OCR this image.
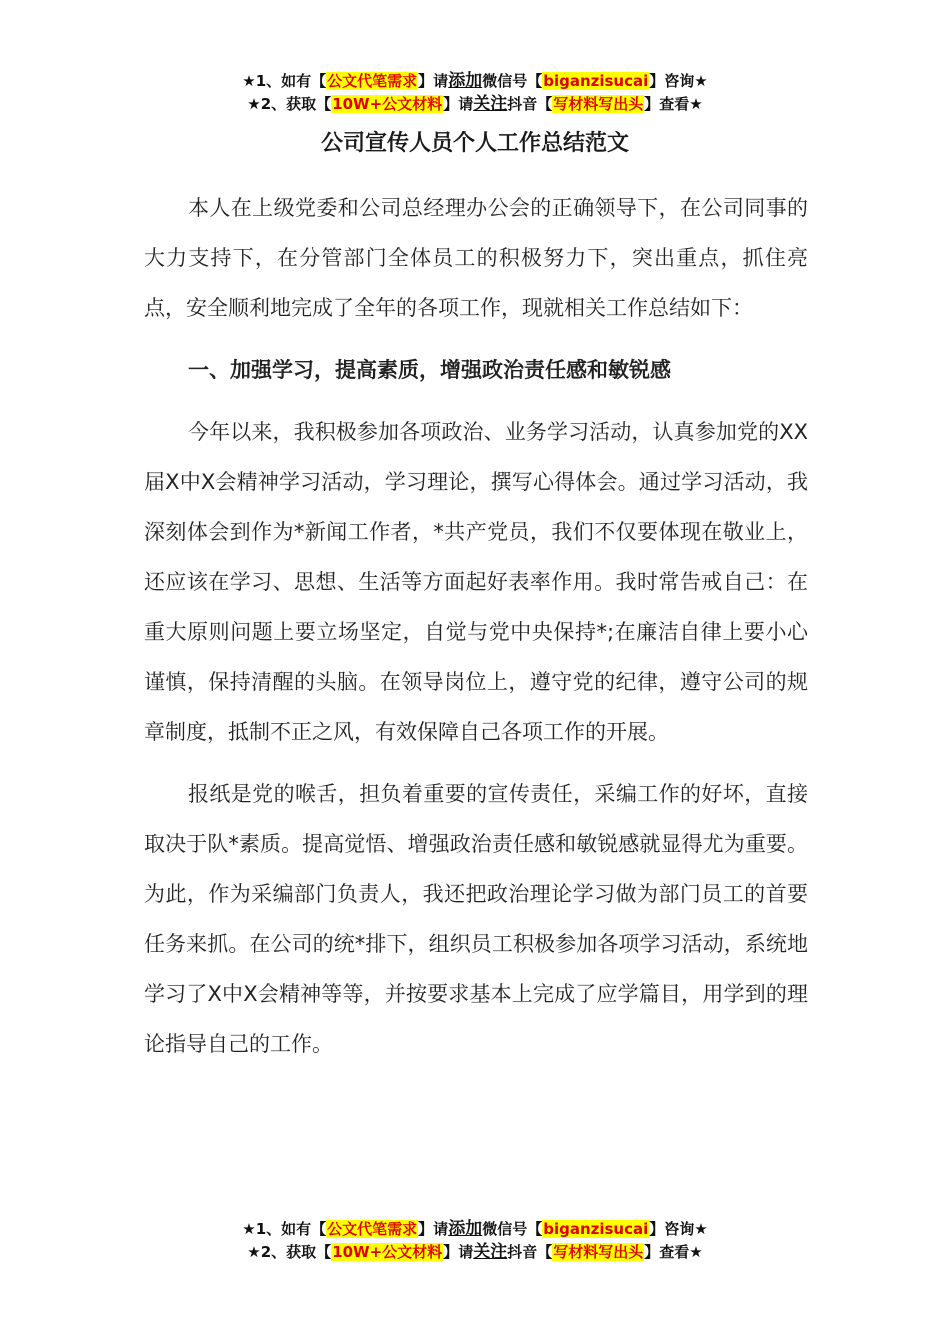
★1、如有【公文代笔需求】请添加微信号【biganzisucai】咨询★
★2、获取【10W+公文材料】请关注抖音【写材料写出头】查看★
公司宣传人员个人工作总结范文

本人在上级党委和公司总经理办公会的正确领导下，在公司同事的大力支持下，在分管部门全体员工的积极努力下，突出重点，抓住亮点，安全顺利地完成了全年的各项工作，现就相关工作总结如下：

一、加强学习，提高素质，增强政治责任感和敏锐感

今年以来，我积极参加各项政治、业务学习活动，认真参加党的XX届X中X会精神学习活动，学习理论，撰写心得体会。通过学习活动，我深刻体会到作为*新闻工作者，*共产党员，我们不仅要体现在敬业上，还应该在学习、思想、生活等方面起好表率作用。我时常告戒自己：在重大原则问题上要立场坚定，自觉与党中央保持*;在廉洁自律上要小心谨慎，保持清醒的头脑。在领导岗位上，遵守党的纪律，遵守公司的规章制度，抵制不正之风，有效保障自己各项工作的开展。

报纸是党的喉舌，担负着重要的宣传责任，采编工作的好坏，直接取决于队*素质。提高觉悟、增强政治责任感和敏锐感就显得尤为重要。为此，作为采编部门负责人，我还把政治理论学习做为部门员工的首要任务来抓。在公司的统*排下，组织员工积极参加各项学习活动，系统地学习了X中X会精神等等，并按要求基本上完成了应学篇目，用学到的理论指导自己的工作。

★1、如有【公文代笔需求】请添加微信号【biganzisucai】咨询★
★2、获取【10W+公文材料】请关注抖音【写材料写出头】查看★
